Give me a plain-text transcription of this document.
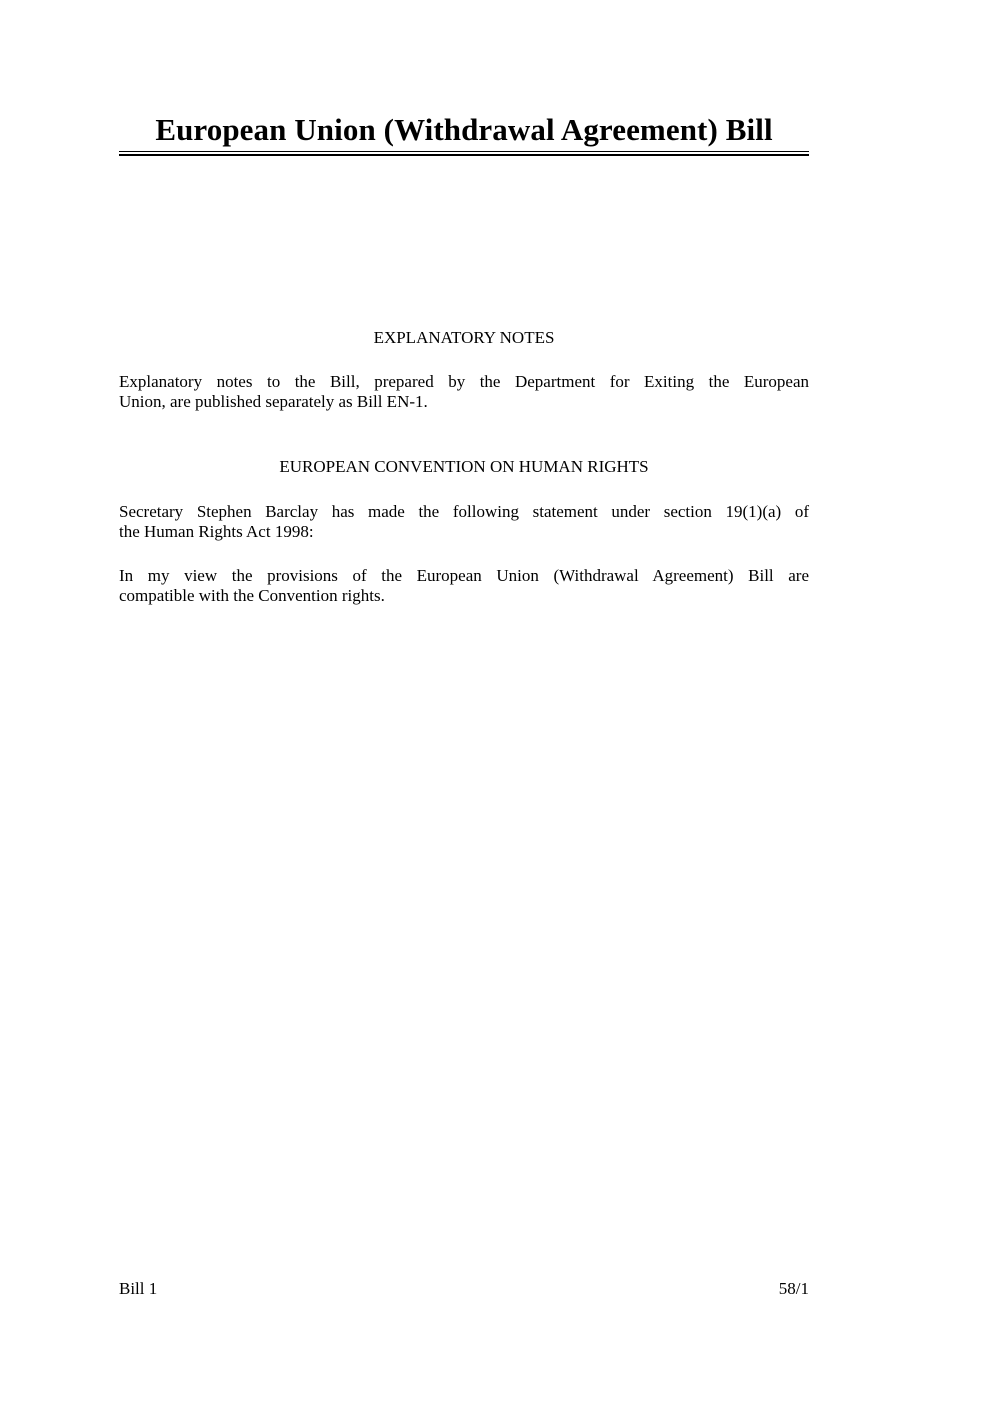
European Union (Withdrawal Agreement) Bill
EXPLANATORY NOTES

Explanatory notes to the Bill, prepared by the Department for Exiting the European
Union, are published separately as Bill EN-1.

EUROPEAN CONVENTION ON HUMAN RIGHTS

Secretary Stephen Barclay has made the following statement under section 19(1)(a) of
the Human Rights Act 1998:

In my view the provisions of the European Union (Withdrawal Agreement) Bill are
compatible with the Convention rights.

Bill 1	58/1
